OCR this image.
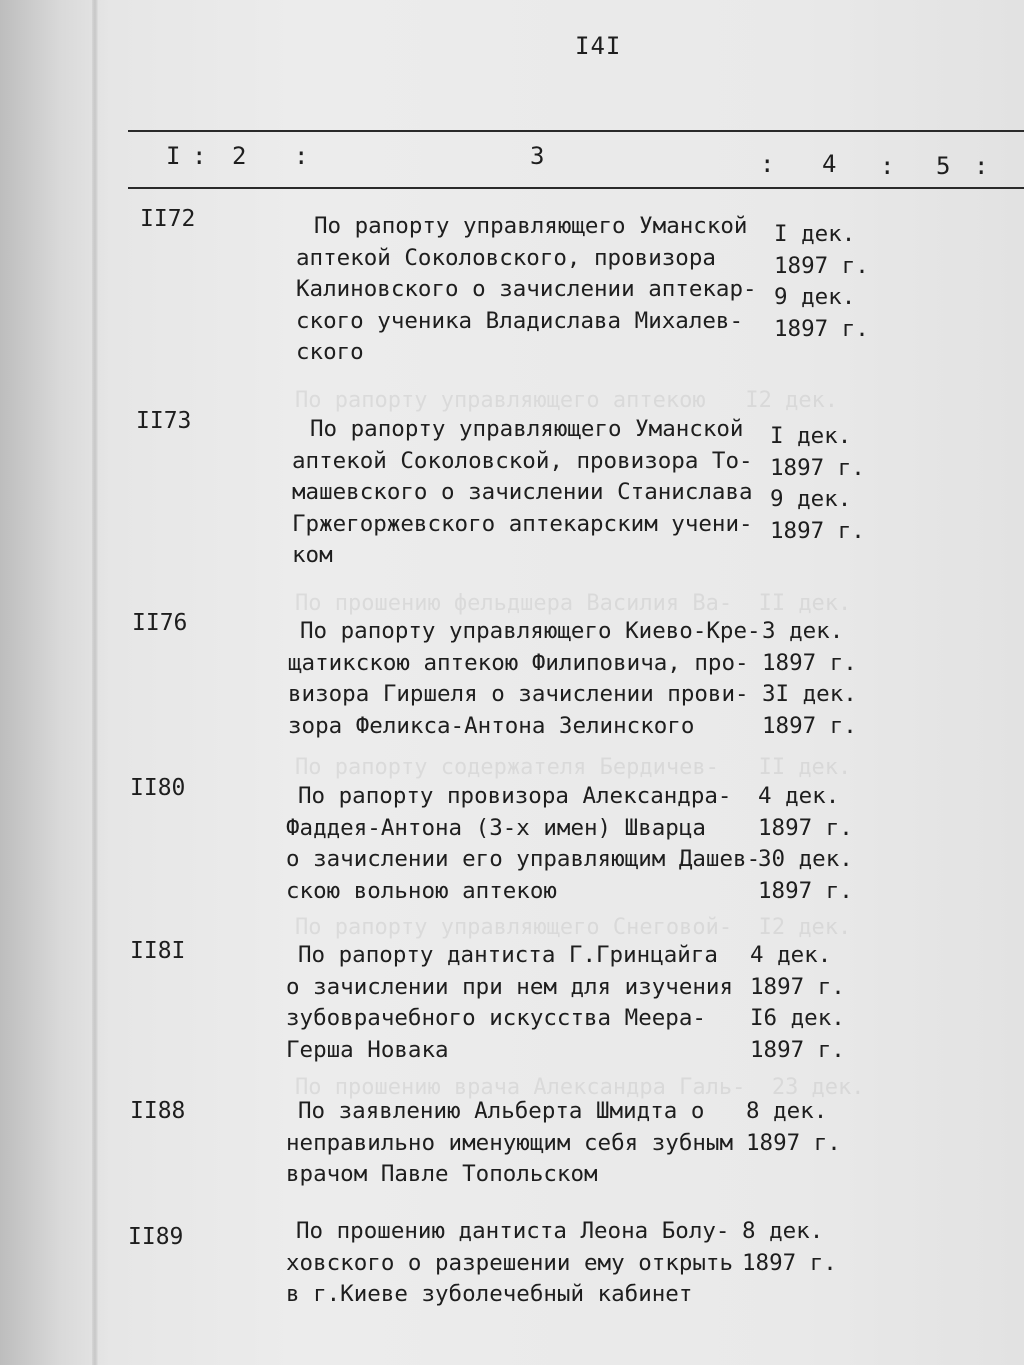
По рапорту управляющего аптекою   I2 дек.
По прошению фельдшера Василия Ва-  II дек.
По рапорту содержателя Бердичев-   II дек.
По рапорту управляющего Снеговой-  I2 дек.
По прошению врача Александра Галь-  23 дек.
I4I
I : 2 :	3	: 4 : 5 :
II72	По рапорту управляющего Уманской
аптекой Соколовского, провизора
Калиновского о зачислении аптекар-
ского ученика Владислава Михалев-
ского
I дек.
1897 г.
9 дек.
1897 г.
II73	По рапорту управляющего Уманской
аптекой Соколовской, провизора То-
машевского о зачислении Станислава
Гржегоржевского аптекарским учени-
ком
I дек.
1897 г.
9 дек.
1897 г.
II76	По рапорту управляющего Киево-Кре-
щатикскою аптекою Филиповича, про-
визора Гиршеля о зачислении прови-
зора Феликса-Антона Зелинского
3 дек.
1897 г.
3I дек.
1897 г.
II80	По рапорту провизора Александра-
Фаддея-Антона (3-х имен) Шварца
о зачислении его управляющим Дашев-
скою вольною аптекою
4 дек.
1897 г.
30 дек.
1897 г.
II8I	По рапорту дантиста Г.Гринцайга
о зачислении при нем для изучения
зубоврачебного искусства Меера-
Герша Новака
4 дек.
1897 г.
I6 дек.
1897 г.
II88	По заявлению Альберта Шмидта о
неправильно именующим себя зубным
врачом Павле Топольском
8 дек.
1897 г.
II89	По прошению дантиста Леона Болу-
ховского о разрешении ему открыть
в г.Киеве зуболечебный кабинет
8 дек.
1897 г.
